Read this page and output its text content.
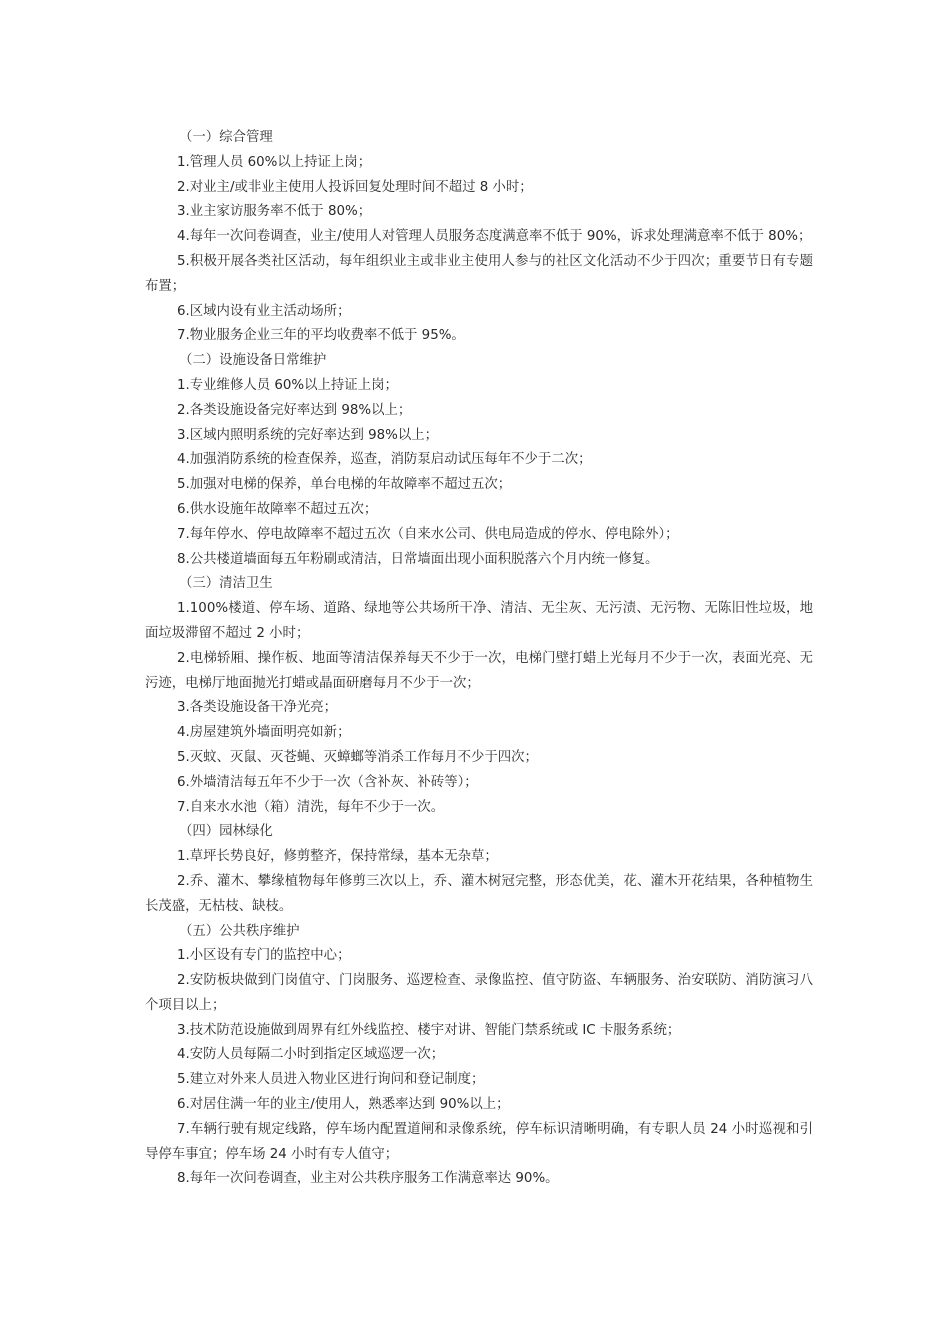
（一）综合管理

1.管理人员 60%以上持证上岗；

2.对业主/或非业主使用人投诉回复处理时间不超过 8 小时；

3.业主家访服务率不低于 80%；

4.每年一次问卷调查，业主/使用人对管理人员服务态度满意率不低于 90%，诉求处理满意率不低于 80%；

5.积极开展各类社区活动，每年组织业主或非业主使用人参与的社区文化活动不少于四次；重要节日有专题布置；

6.区域内设有业主活动场所；

7.物业服务企业三年的平均收费率不低于 95%。

（二）设施设备日常维护

1.专业维修人员 60%以上持证上岗；

2.各类设施设备完好率达到 98%以上；

3.区域内照明系统的完好率达到 98%以上；

4.加强消防系统的检查保养，巡查，消防泵启动试压每年不少于二次；

5.加强对电梯的保养，单台电梯的年故障率不超过五次；

6.供水设施年故障率不超过五次；

7.每年停水、停电故障率不超过五次（自来水公司、供电局造成的停水、停电除外）；

8.公共楼道墙面每五年粉刷或清洁，日常墙面出现小面积脱落六个月内统一修复。

（三）清洁卫生

1.100%楼道、停车场、道路、绿地等公共场所干净、清洁、无尘灰、无污渍、无污物、无陈旧性垃圾，地面垃圾滞留不超过 2 小时；

2.电梯轿厢、操作板、地面等清洁保养每天不少于一次，电梯门壁打蜡上光每月不少于一次，表面光亮、无污迹，电梯厅地面抛光打蜡或晶面研磨每月不少于一次；

3.各类设施设备干净光亮；

4.房屋建筑外墙面明亮如新；

5.灭蚊、灭鼠、灭苍蝇、灭蟑螂等消杀工作每月不少于四次；

6.外墙清洁每五年不少于一次（含补灰、补砖等）；

7.自来水水池（箱）清洗，每年不少于一次。

（四）园林绿化

1.草坪长势良好，修剪整齐，保持常绿，基本无杂草；

2.乔、灌木、攀缘植物每年修剪三次以上，乔、灌木树冠完整，形态优美，花、灌木开花结果，各种植物生长茂盛，无枯枝、缺枝。

（五）公共秩序维护

1.小区设有专门的监控中心；

2.安防板块做到门岗值守、门岗服务、巡逻检查、录像监控、值守防盗、车辆服务、治安联防、消防演习八个项目以上；

3.技术防范设施做到周界有红外线监控、楼宇对讲、智能门禁系统或 IC 卡服务系统；

4.安防人员每隔二小时到指定区域巡逻一次；

5.建立对外来人员进入物业区进行询问和登记制度；

6.对居住满一年的业主/使用人，熟悉率达到 90%以上；

7.车辆行驶有规定线路，停车场内配置道闸和录像系统，停车标识清晰明确，有专职人员 24 小时巡视和引导停车事宜；停车场 24 小时有专人值守；

8.每年一次问卷调查，业主对公共秩序服务工作满意率达 90%。
